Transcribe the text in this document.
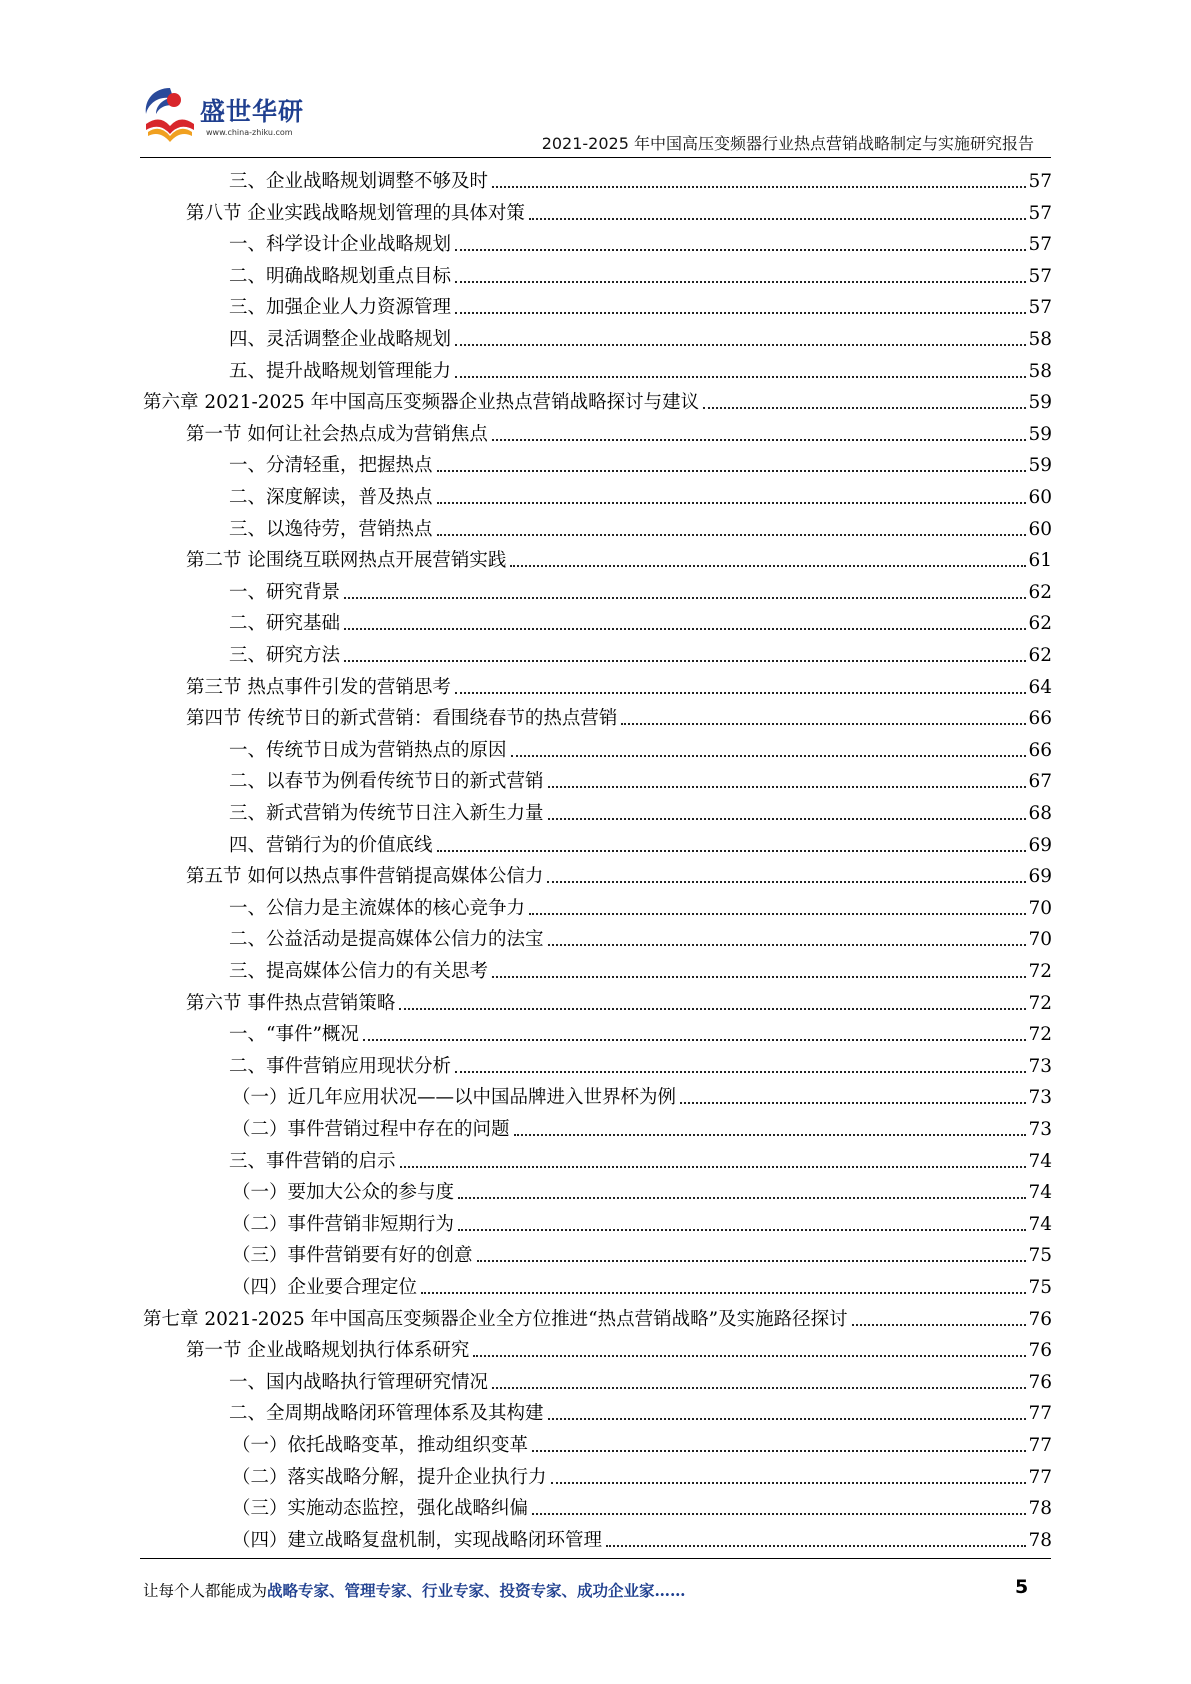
盛世华研
www.china-zhiku.com
2021-2025 年中国高压变频器行业热点营销战略制定与实施研究报告
三、企业战略规划调整不够及时	57
第八节 企业实践战略规划管理的具体对策	57
一、科学设计企业战略规划	57
二、明确战略规划重点目标	57
三、加强企业人力资源管理	57
四、灵活调整企业战略规划	58
五、提升战略规划管理能力	58
第六章 2021-2025 年中国高压变频器企业热点营销战略探讨与建议	59
第一节 如何让社会热点成为营销焦点	59
一、分清轻重，把握热点	59
二、深度解读，普及热点	60
三、以逸待劳，营销热点	60
第二节 论围绕互联网热点开展营销实践	61
一、研究背景	62
二、研究基础	62
三、研究方法	62
第三节 热点事件引发的营销思考	64
第四节 传统节日的新式营销：看围绕春节的热点营销	66
一、传统节日成为营销热点的原因	66
二、以春节为例看传统节日的新式营销	67
三、新式营销为传统节日注入新生力量	68
四、营销行为的价值底线	69
第五节 如何以热点事件营销提高媒体公信力	69
一、公信力是主流媒体的核心竞争力	70
二、公益活动是提高媒体公信力的法宝	70
三、提高媒体公信力的有关思考	72
第六节 事件热点营销策略	72
一、“事件”概况	72
二、事件营销应用现状分析	73
（一）近几年应用状况——以中国品牌进入世界杯为例	73
（二）事件营销过程中存在的问题	73
三、事件营销的启示	74
（一）要加大公众的参与度	74
（二）事件营销非短期行为	74
（三）事件营销要有好的创意	75
（四）企业要合理定位	75
第七章 2021-2025 年中国高压变频器企业全方位推进“热点营销战略”及实施路径探讨	76
第一节 企业战略规划执行体系研究	76
一、国内战略执行管理研究情况	76
二、全周期战略闭环管理体系及其构建	77
（一）依托战略变革，推动组织变革	77
（二）落实战略分解，提升企业执行力	77
（三）实施动态监控，强化战略纠偏	78
（四）建立战略复盘机制，实现战略闭环管理	78
让每个人都能成为战略专家、管理专家、行业专家、投资专家、成功企业家……	5
